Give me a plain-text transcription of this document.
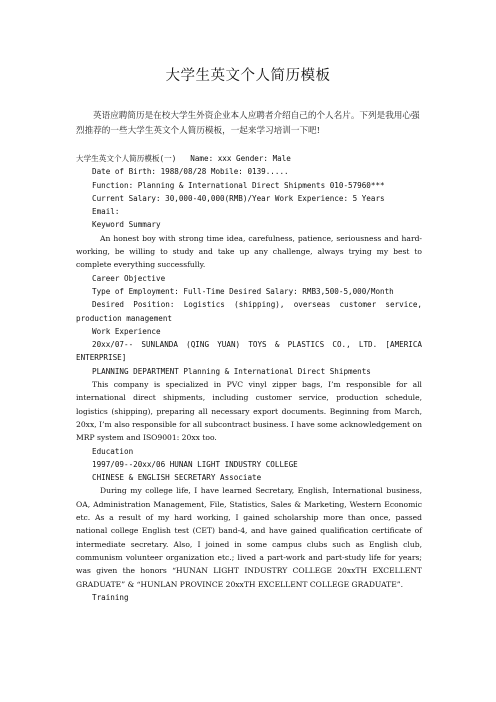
大学生英文个人简历模板
英语应聘简历是在校大学生外资企业本人应聘者介绍自己的个人名片。下列是我用心强烈推荐的一些大学生英文个人简历模板，一起来学习培训一下吧!

大学生英文个人简历模板(一) Name: xxx Gender: Male

Date of Birth: 1988/08/28 Mobile: 0139.....

Function: Planning & International Direct Shipments 010-57960***

Current Salary: 30,000-40,000(RMB)/Year Work Experience: 5 Years

Email:

Keyword Summary

An honest boy with strong time idea, carefulness, patience, seriousness and hard-working, be willing to study and take up any challenge, always trying my best to complete everything successfully.

Career Objective

Type of Employment: Full-Time Desired Salary: RMB3,500-5,000/Month

Desired Position: Logistics (shipping), overseas customer service, production management

Work Experience

20xx/07-- SUNLANDA (QING YUAN) TOYS & PLASTICS CO., LTD. [AMERICA ENTERPRISE]

PLANNING DEPARTMENT Planning & International Direct Shipments

This company is specialized in PVC vinyl zipper bags, I’m responsible for all international direct shipments, including customer service, production schedule, logistics (shipping), preparing all necessary export documents. Beginning from March, 20xx, I’m also responsible for all subcontract business. I have some acknowledgement on MRP system and ISO9001: 20xx too.

Education

1997/09--20xx/06 HUNAN LIGHT INDUSTRY COLLEGE

CHINESE & ENGLISH SECRETARY Associate

During my college life, I have learned Secretary, English, International business, OA, Administration Management, File, Statistics, Sales & Marketing, Western Economic etc. As a result of my hard working, I gained scholarship more than once, passed national college English test (CET) band-4, and have gained qualification certificate of intermediate secretary. Also, I joined in some campus clubs such as English club, communism volunteer organization etc.; lived a part-work and part-study life for years; was given the honors “HUNAN LIGHT INDUSTRY COLLEGE 20xxTH EXCELLENT GRADUATE” & “HUNLAN PROVINCE 20xxTH EXCELLENT COLLEGE GRADUATE”.

Training
